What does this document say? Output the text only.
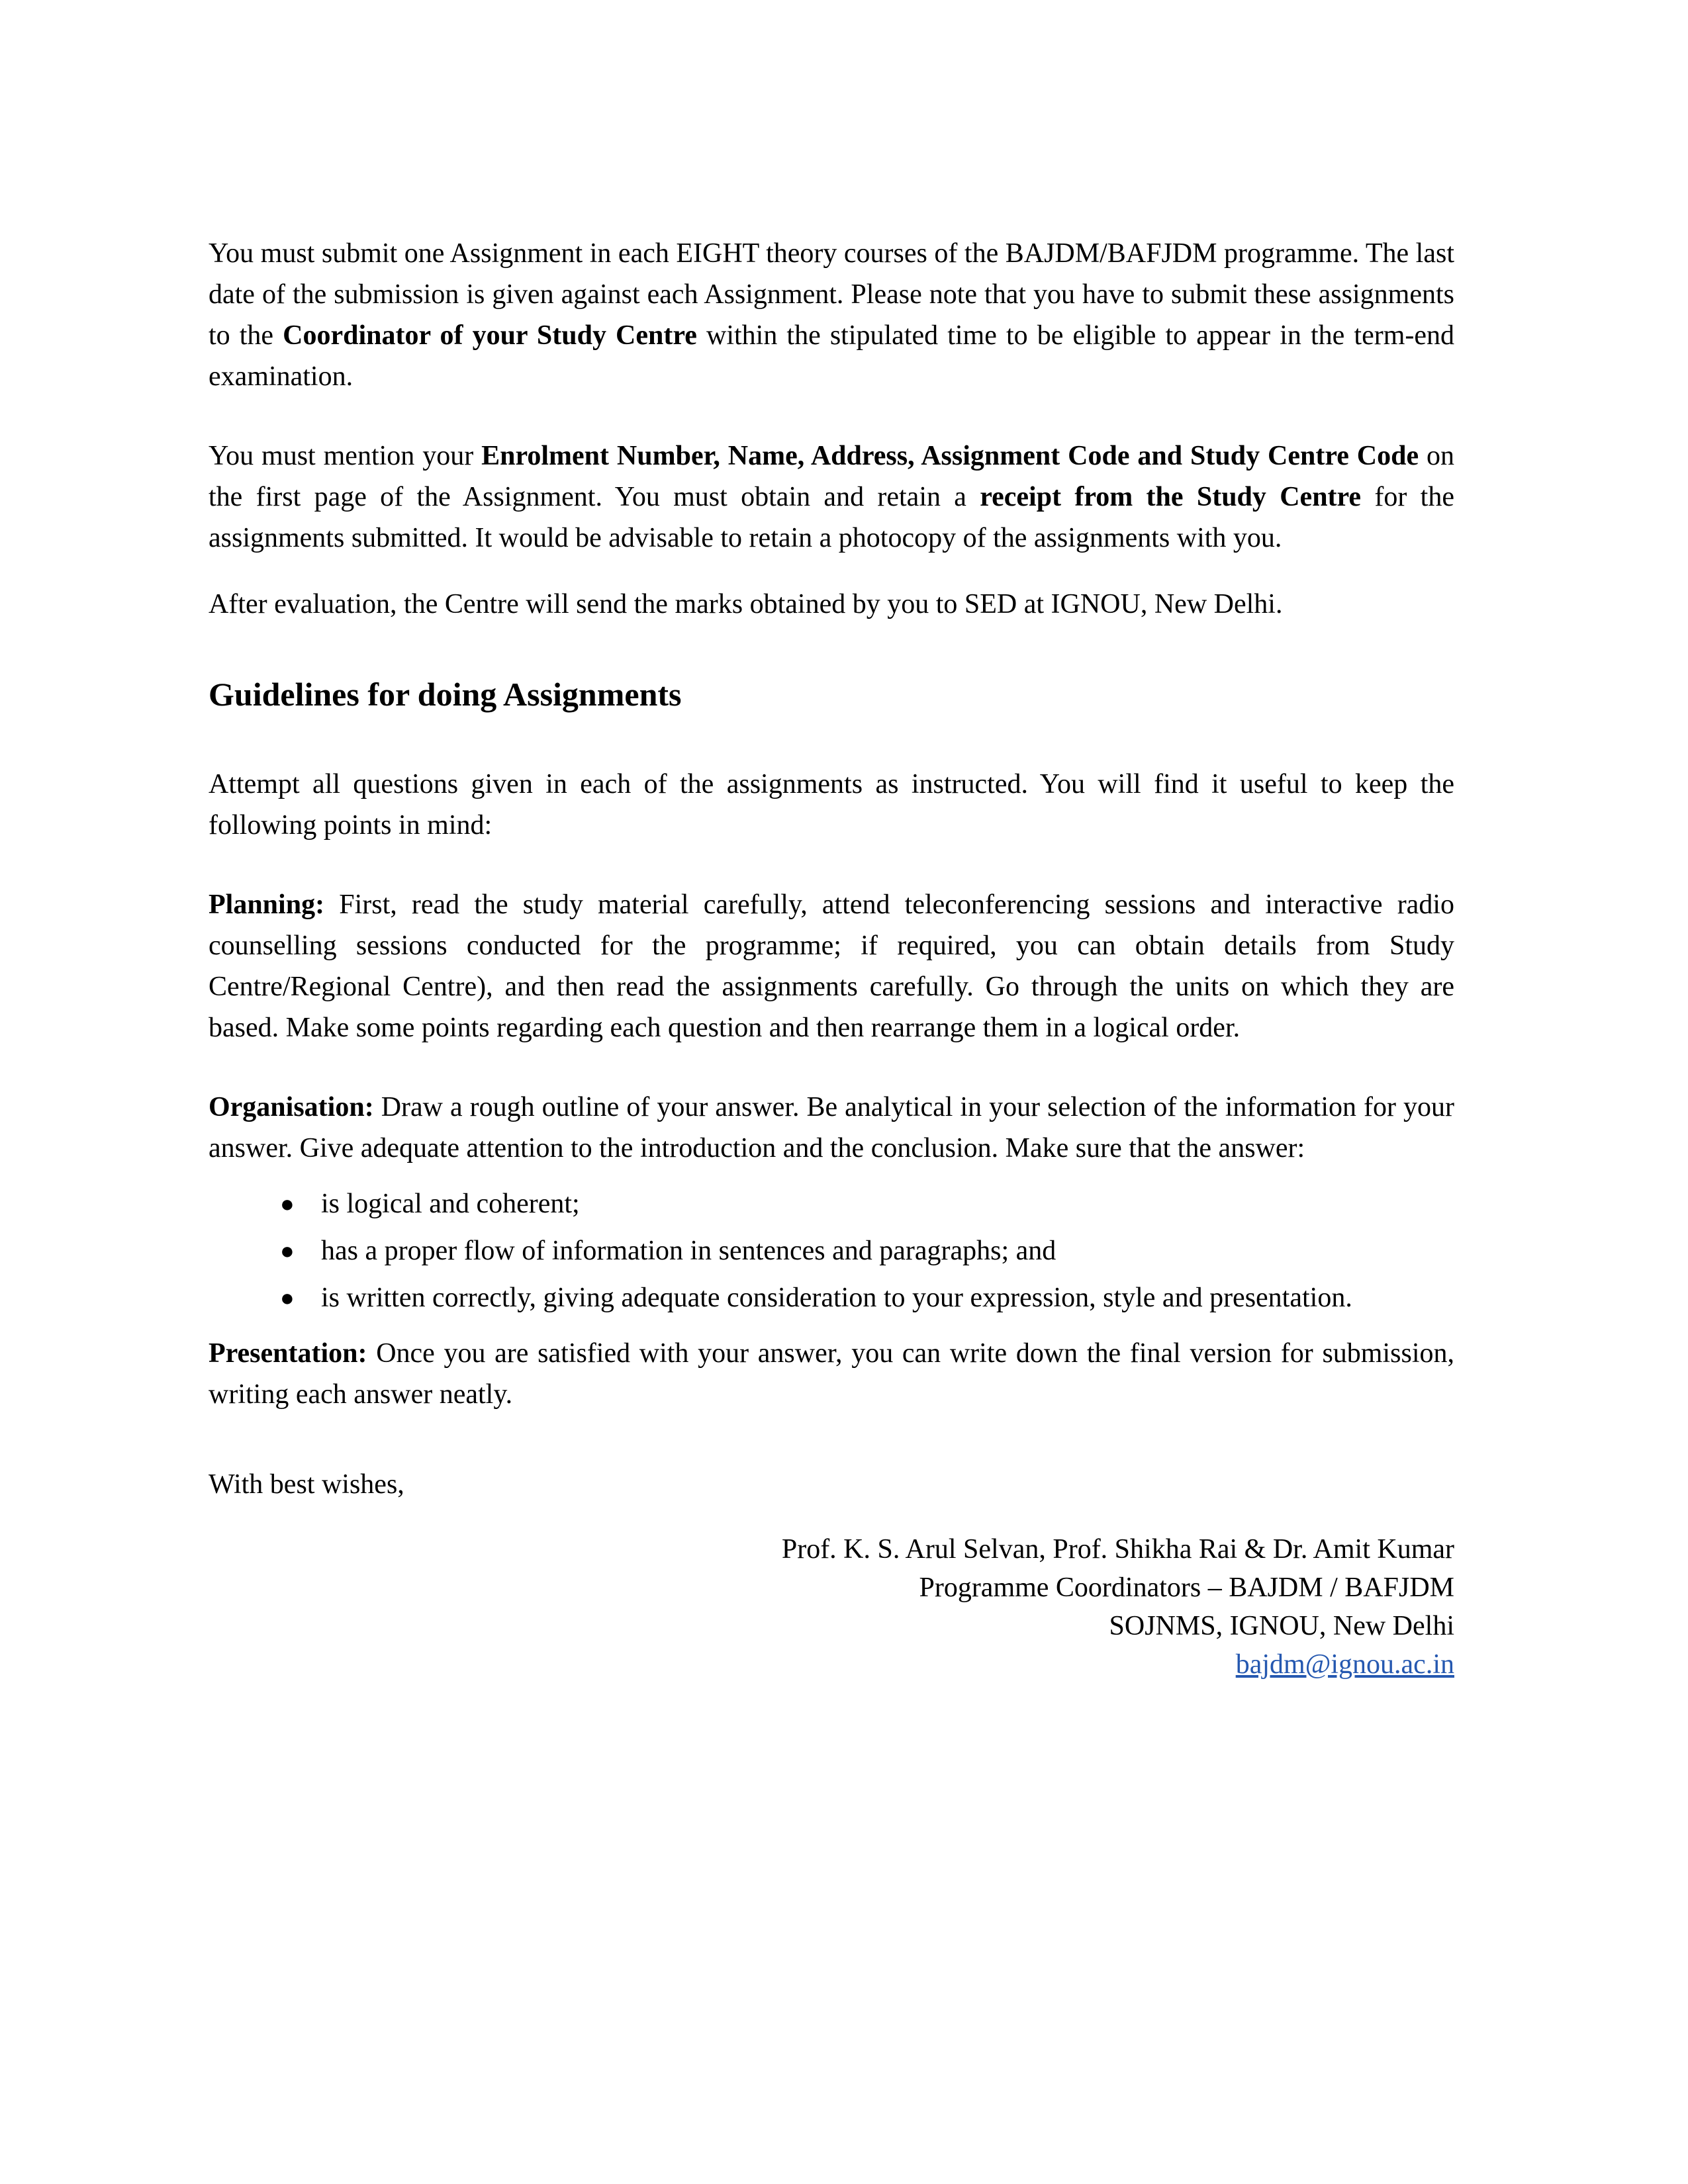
You must submit one Assignment in each EIGHT theory courses of the BAJDM/BAFJDM programme. The last date of the submission is given against each Assignment. Please note that you have to submit these assignments to the Coordinator of your Study Centre within the stipulated time to be eligible to appear in the term-end examination.

You must mention your Enrolment Number, Name, Address, Assignment Code and Study Centre Code on the first page of the Assignment. You must obtain and retain a receipt from the Study Centre for the assignments submitted. It would be advisable to retain a photocopy of the assignments with you.

After evaluation, the Centre will send the marks obtained by you to SED at IGNOU, New Delhi.

Guidelines for doing Assignments

Attempt all questions given in each of the assignments as instructed. You will find it useful to keep the following points in mind:

Planning: First, read the study material carefully, attend teleconferencing sessions and interactive radio counselling sessions conducted for the programme; if required, you can obtain details from Study Centre/Regional Centre), and then read the assignments carefully. Go through the units on which they are based. Make some points regarding each question and then rearrange them in a logical order.

Organisation: Draw a rough outline of your answer. Be analytical in your selection of the information for your answer. Give adequate attention to the introduction and the conclusion. Make sure that the answer:

● is logical and coherent;
● has a proper flow of information in sentences and paragraphs; and
● is written correctly, giving adequate consideration to your expression, style and presentation.

Presentation: Once you are satisfied with your answer, you can write down the final version for submission, writing each answer neatly.

With best wishes,

Prof. K. S. Arul Selvan, Prof. Shikha Rai & Dr. Amit Kumar
Programme Coordinators – BAJDM / BAFJDM
SOJNMS, IGNOU, New Delhi
bajdm@ignou.ac.in
